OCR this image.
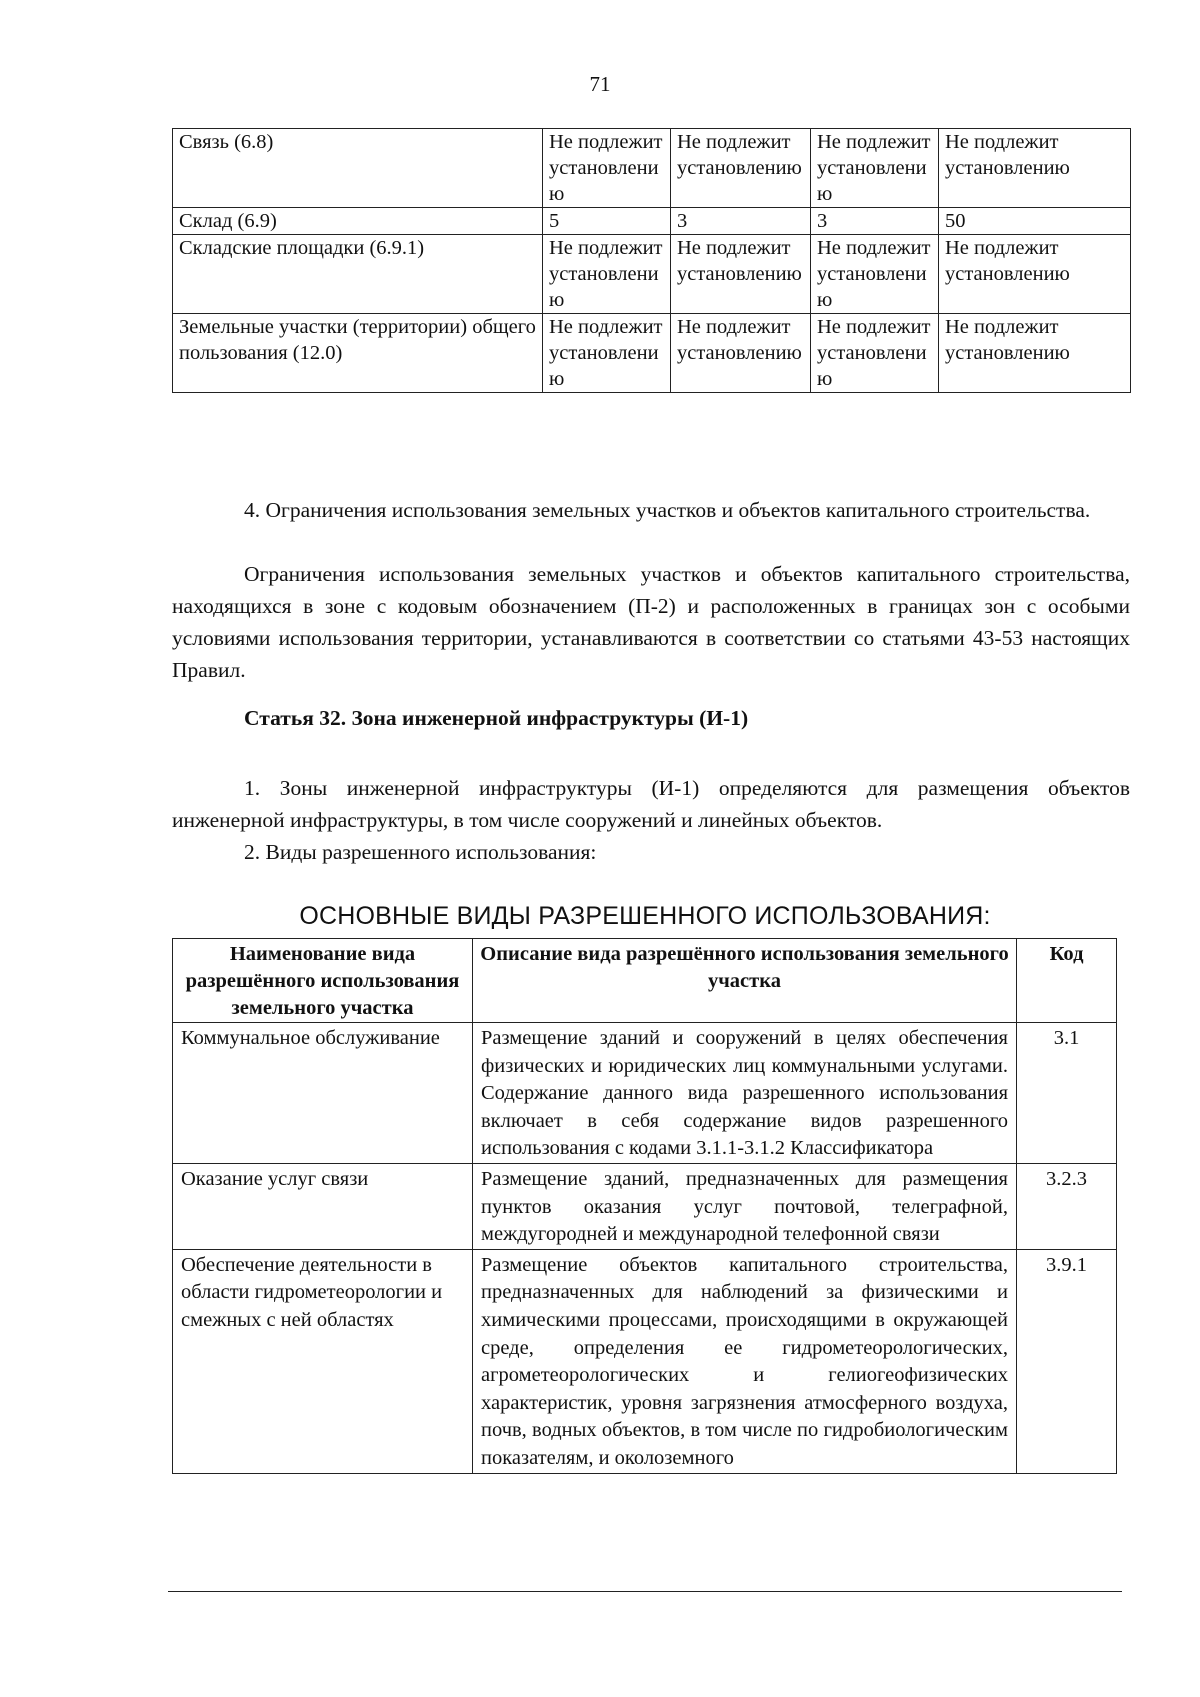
71
Связь (6.8)	Не подлежит установлению	Не подлежит установлению	Не подлежит установлению	Не подлежит установлению
Склад (6.9)	5	3	3	50
Складские площадки (6.9.1)	Не подлежит установлению	Не подлежит установлению	Не подлежит установлению	Не подлежит установлению
Земельные участки (территории) общего пользования (12.0)	Не подлежит установлению	Не подлежит установлению	Не подлежит установлению	Не подлежит установлению
4. Ограничения использования земельных участков и объектов капитального строительства.
Ограничения использования земельных участков и объектов капитального строительства, находящихся в зоне с кодовым обозначением (П-2) и расположенных в границах зон с особыми условиями использования территории, устанавливаются в соответствии со статьями 43-53 настоящих Правил.
Статья 32. Зона инженерной инфраструктуры (И-1)
1. Зоны инженерной инфраструктуры (И-1) определяются для размещения объектов инженерной инфраструктуры, в том числе сооружений и линейных объектов.
2. Виды разрешенного использования:
ОСНОВНЫЕ ВИДЫ РАЗРЕШЕННОГО ИСПОЛЬЗОВАНИЯ:
Наименование вида разрешённого использования земельного участка	Описание вида разрешённого использования земельного участка	Код
Коммунальное обслуживание	Размещение зданий и сооружений в целях обеспечения физических и юридических лиц коммунальными услугами. Содержание данного вида разрешенного использования включает в себя содержание видов разрешенного использования с кодами 3.1.1-3.1.2 Классификатора	3.1
Оказание услуг связи	Размещение зданий, предназначенных для размещения пунктов оказания услуг почтовой, телеграфной, междугородней и международной телефонной связи	3.2.3
Обеспечение деятельности в области гидрометеорологии и смежных с ней областях	Размещение объектов капитального строительства, предназначенных для наблюдений за физическими и химическими процессами, происходящими в окружающей среде, определения ее гидрометеорологических, агрометеорологических и гелиогеофизических характеристик, уровня загрязнения атмосферного воздуха, почв, водных объектов, в том числе по гидробиологическим показателям, и околоземного	3.9.1
